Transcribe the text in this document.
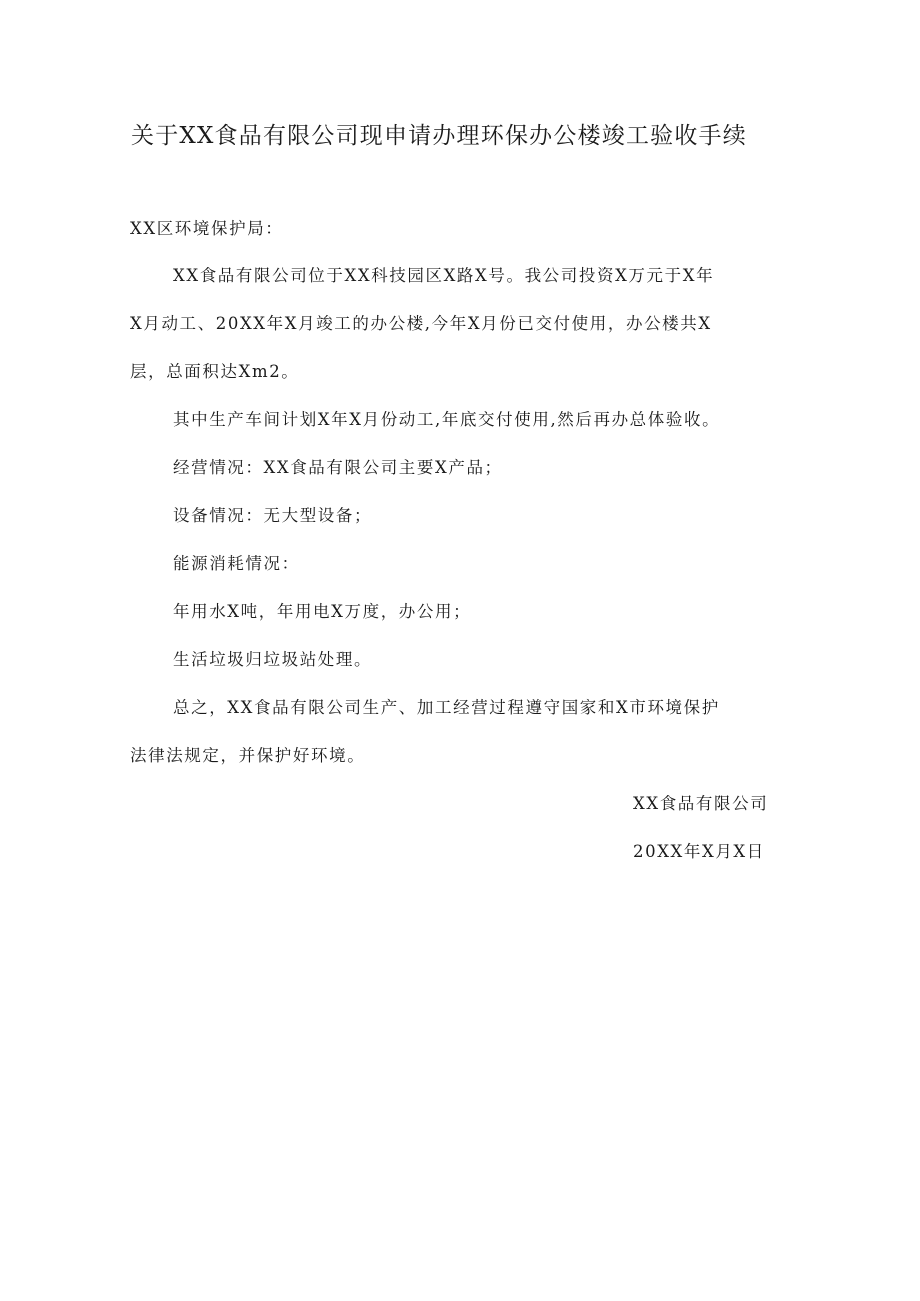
关于XX食品有限公司现申请办理环保办公楼竣工验收手续
XX区环境保护局：
XX食品有限公司位于XX科技园区X路X号。我公司投资X万元于X年
X月动工、20XX年X月竣工的办公楼,今年X月份已交付使用，办公楼共X
层，总面积达Xm2。
其中生产车间计划X年X月份动工,年底交付使用,然后再办总体验收。
经营情况：XX食品有限公司主要X产品；
设备情况：无大型设备；
能源消耗情况：
年用水X吨，年用电X万度，办公用；
生活垃圾归垃圾站处理。
总之，XX食品有限公司生产、加工经营过程遵守国家和X市环境保护
法律法规定，并保护好环境。
XX食品有限公司
20XX年X月X日
